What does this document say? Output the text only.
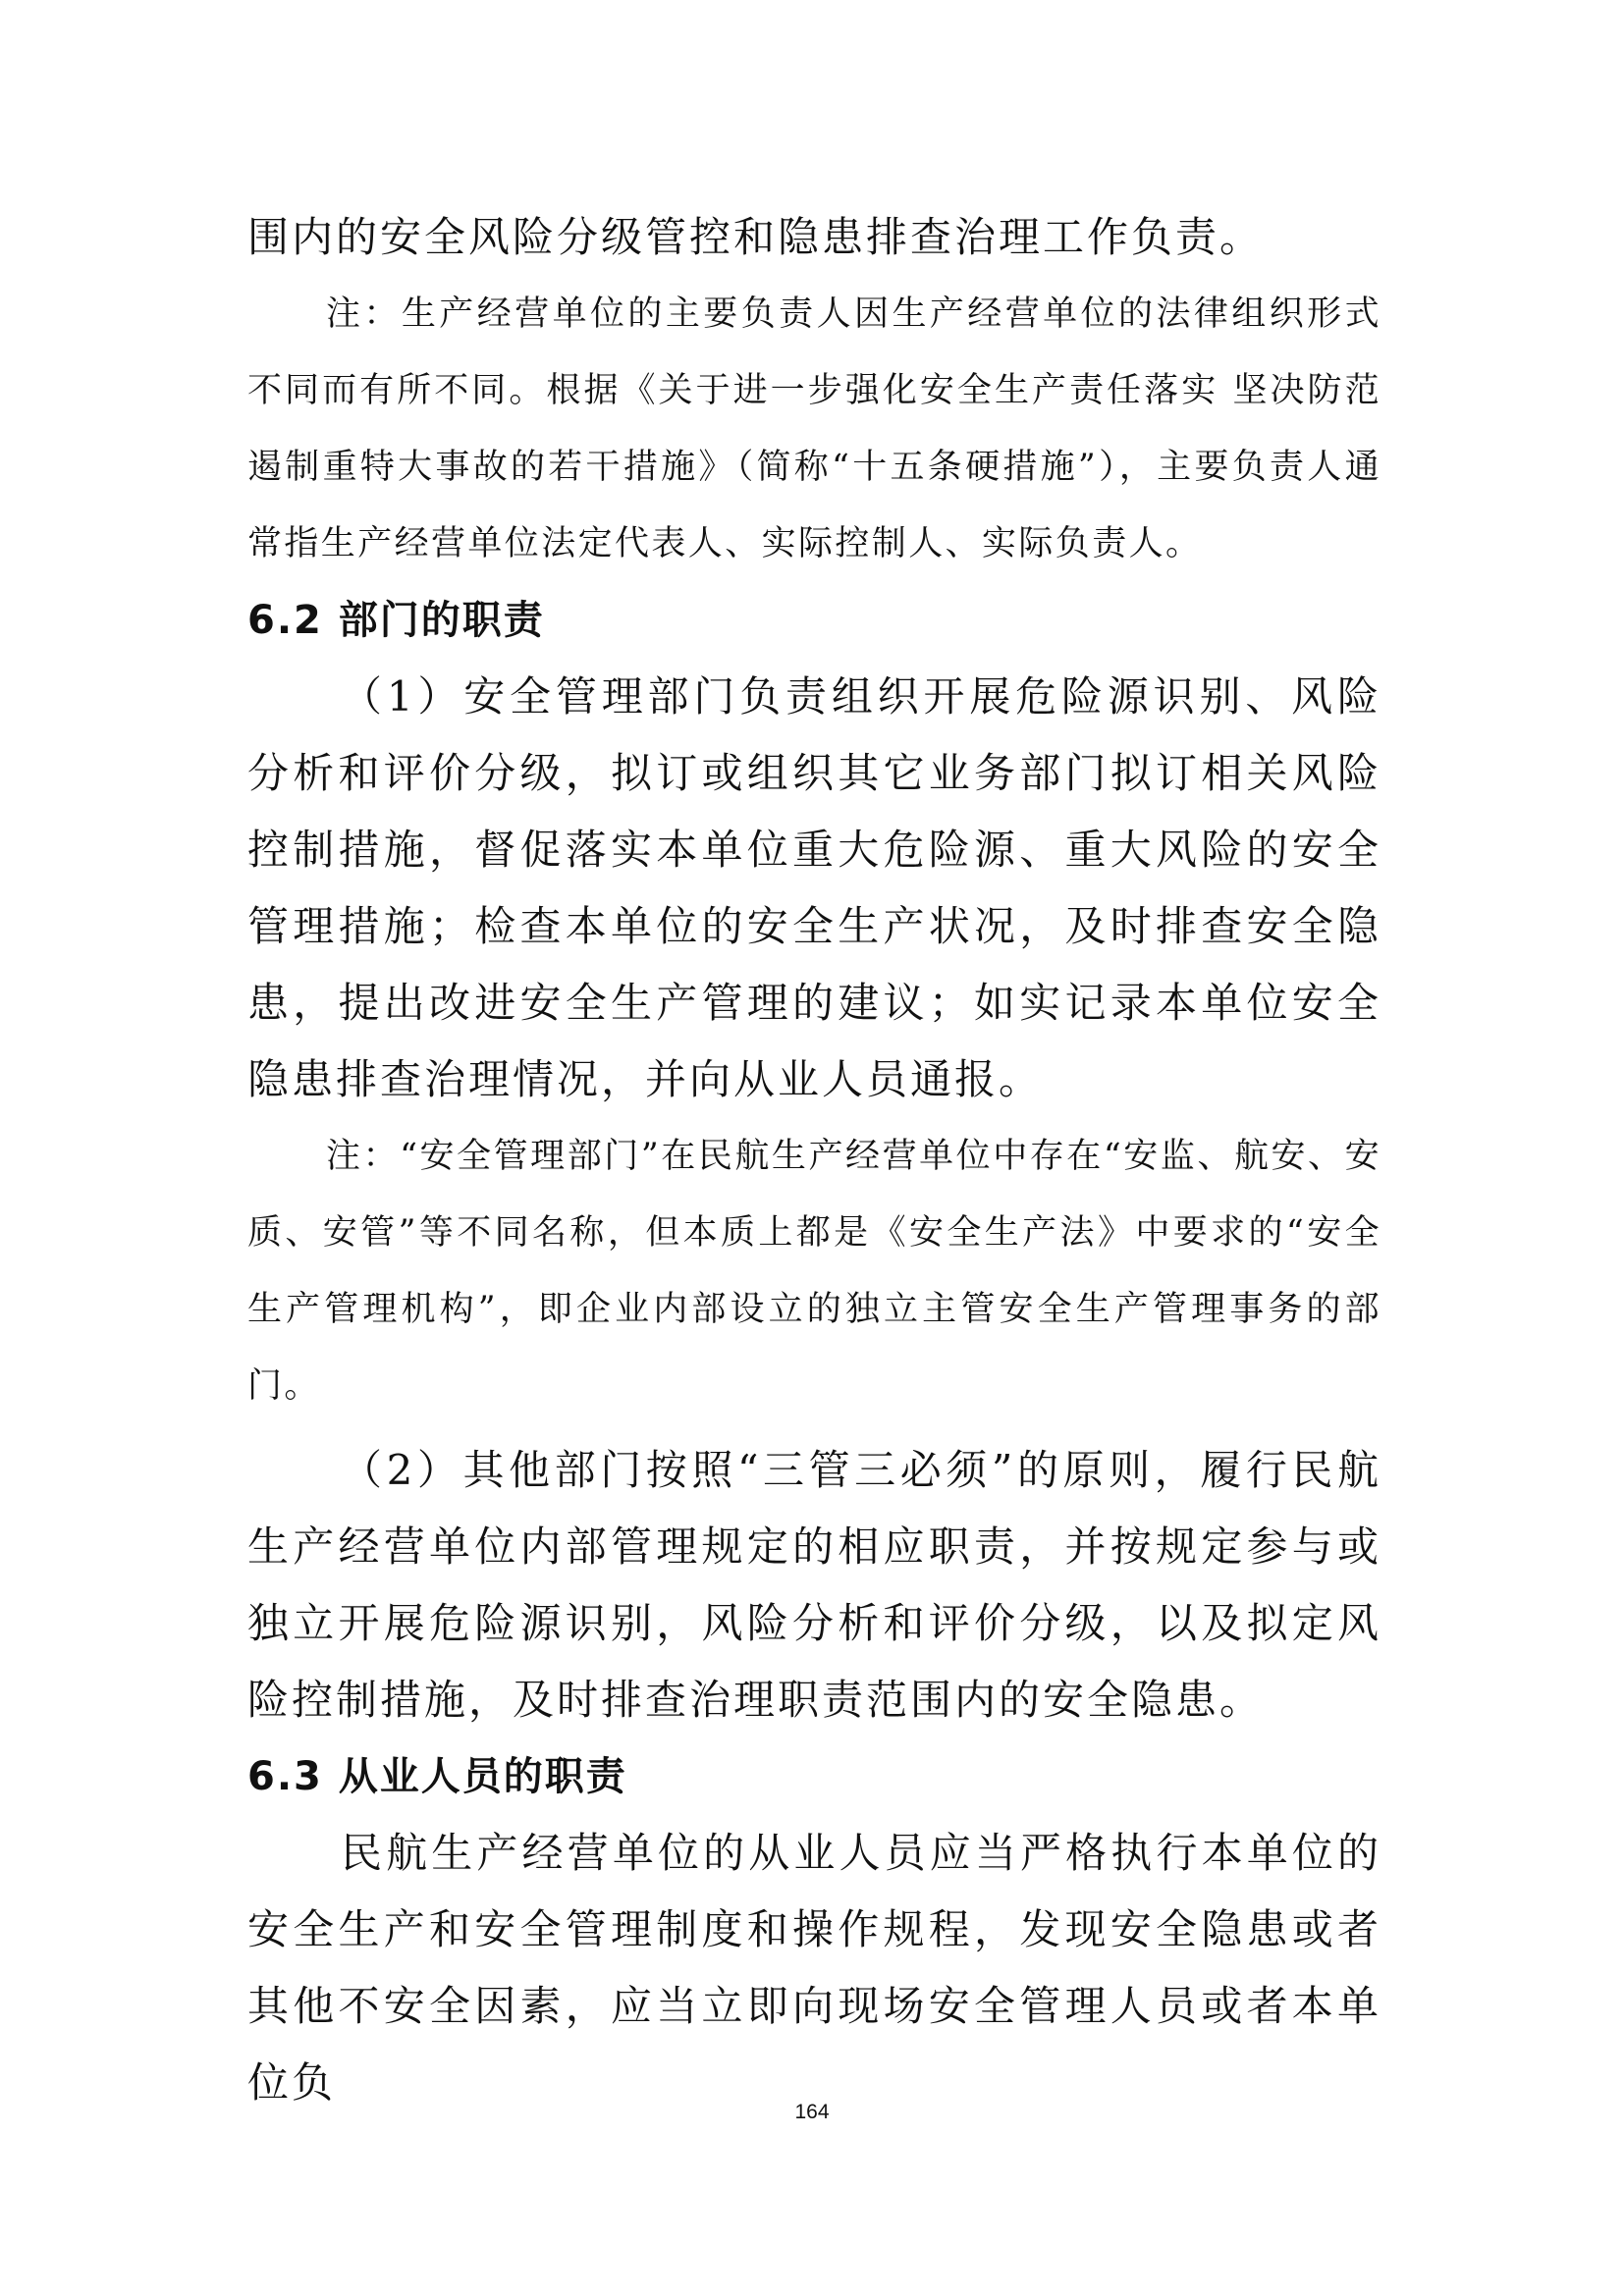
围内的安全风险分级管控和隐患排查治理工作负责。

注：生产经营单位的主要负责人因生产经营单位的法律组织形式不同而有所不同。根据《关于进一步强化安全生产责任落实 坚决防范遏制重特大事故的若干措施》（简称“十五条硬措施”），主要负责人通常指生产经营单位法定代表人、实际控制人、实际负责人。

6.2 部门的职责

（1）安全管理部门负责组织开展危险源识别、风险分析和评价分级，拟订或组织其它业务部门拟订相关风险控制措施，督促落实本单位重大危险源、重大风险的安全管理措施；检查本单位的安全生产状况，及时排查安全隐患，提出改进安全生产管理的建议；如实记录本单位安全隐患排查治理情况，并向从业人员通报。

注：“安全管理部门”在民航生产经营单位中存在“安监、航安、安质、安管”等不同名称，但本质上都是《安全生产法》中要求的“安全生产管理机构”，即企业内部设立的独立主管安全生产管理事务的部门。

（2）其他部门按照“三管三必须”的原则，履行民航生产经营单位内部管理规定的相应职责，并按规定参与或独立开展危险源识别，风险分析和评价分级，以及拟定风险控制措施，及时排查治理职责范围内的安全隐患。

6.3 从业人员的职责

民航生产经营单位的从业人员应当严格执行本单位的安全生产和安全管理制度和操作规程，发现安全隐患或者其他不安全因素，应当立即向现场安全管理人员或者本单位负

164
